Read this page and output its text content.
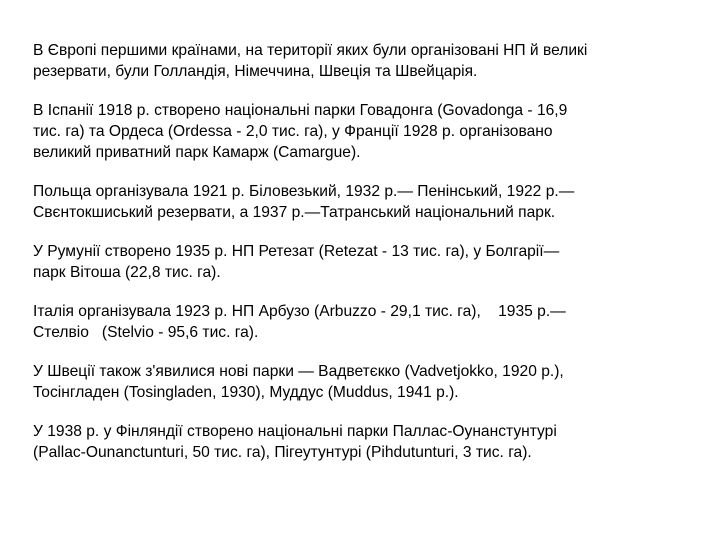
В Європі першими країнами, на території яких були організовані НП й великі
резервати, були Голландія, Німеччина, Швеція та Швейцарія.

В Іспанії 1918 р. створено національні парки Говадонга (Govadonga - 16,9
тис. га) та Ордеса (Ordessa - 2,0 тис. га), у Франції 1928 р. організовано
великий приватний парк Камарж (Camargue).

Польща організувала 1921 р. Біловезький, 1932 р.— Пенінський, 1922 р.—
Свєнтокшиський резервати, а 1937 р.—Татранський національний парк.

У Румунії створено 1935 р. НП Ретезат (Retezat - 13 тис. га), у Болгарії—
парк Вітоша (22,8 тис. га).

Італія організувала 1923 р. НП Арбузо (Arbuzzo - 29,1 тис. га),    1935 р.—
Стелвіо   (Stelvio - 95,6 тис. га).

У Швеції також з'явилися нові парки — Вадветєкко (Vadvetjokko, 1920 р.),
Тосінгладен (Tosingladen, 1930), Муддус (Muddus, 1941 р.).

У 1938 р. у Фінляндії створено національні парки Паллас-Оунанстунтурі
(Pallac-Ounanctunturi, 50 тис. га), Пігеутунтурі (Pihdutunturi, 3 тис. га).
